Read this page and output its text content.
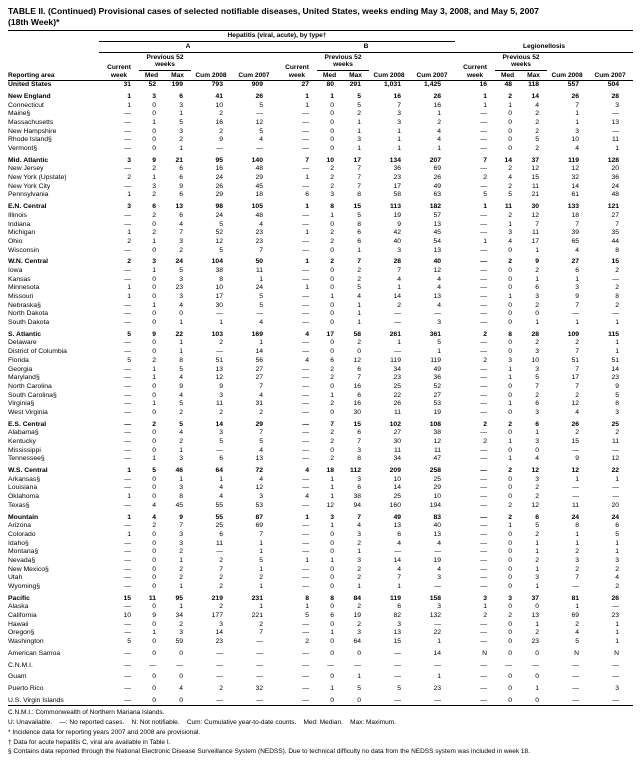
TABLE II. (Continued) Provisional cases of selected notifiable diseases, United States, weeks ending May 3, 2008, and May 5, 2007
(18th Week)*
Reporting area	Hepatitis (viral, acute), by type†														
	A					B					Legionellosis				
	Current week	Previous 52 weeks		Cum 2008	Cum 2007	Current week	Previous 52 weeks		Cum 2008	Cum 2007	Current week	Previous 52 weeks		Cum 2008	Cum 2007
		Med	Max				Med	Max				Med	Max		
United States	31	52	199	793	909	27	80	291	1,031	1,425	16	48	118	557	504
New England	1	3	6	41	26	1	1	5	16	28	1	2	14	26	28
Connecticut	1	0	3	10	5	1	0	5	7	16	1	1	4	7	3
Maine§	—	0	1	2	—	—	0	2	3	1	—	0	2	1	—
Massachusetts	—	1	5	16	12	—	0	1	3	2	—	0	2	1	13
New Hampshire	—	0	3	2	5	—	0	1	1	4	—	0	2	3	—
Rhode Island§	—	0	2	9	4	—	0	3	1	4	—	0	5	10	11
Vermont§	—	0	1	—	—	—	0	1	1	1	—	0	2	4	1
Mid. Atlantic	3	9	21	95	140	7	10	17	134	207	7	14	37	119	128
New Jersey	—	2	6	16	48	—	2	7	36	69	—	2	12	12	20
New York (Upstate)	2	1	6	24	29	1	2	7	23	26	2	4	15	32	36
New York City	—	3	9	26	45	—	2	7	17	49	—	2	11	14	24
Pennsylvania	1	2	6	29	18	6	3	8	58	63	5	5	21	61	48
E.N. Central	3	6	13	98	105	1	8	15	113	182	1	11	30	133	121
Illinois	—	2	6	24	48	—	1	5	19	57	—	2	12	18	27
Indiana	—	0	4	5	4	—	0	8	9	13	—	1	7	7	7
Michigan	1	2	7	52	23	1	2	6	42	45	—	3	11	39	35
Ohio	2	1	3	12	23	—	2	6	40	54	1	4	17	65	44
Wisconsin	—	0	2	5	7	—	0	1	3	13	—	0	1	4	8
W.N. Central	2	3	24	104	50	1	2	7	28	40	—	2	9	27	15
Iowa	—	1	5	38	11	—	0	2	7	12	—	0	2	6	2
Kansas	—	0	3	8	1	—	0	2	4	4	—	0	1	1	—
Minnesota	1	0	23	10	24	1	0	5	1	4	—	0	6	3	2
Missouri	1	0	3	17	5	—	1	4	14	13	—	1	3	9	8
Nebraska§	—	1	4	30	5	—	0	1	2	4	—	0	2	7	2
North Dakota	—	0	0	—	—	—	0	1	—	—	—	0	0	—	—
South Dakota	—	0	1	1	4	—	0	1	—	3	—	0	1	1	1
S. Atlantic	5	9	22	103	169	4	17	58	261	361	2	8	28	109	115
Delaware	—	0	1	2	1	—	0	2	1	5	—	0	2	2	1
District of Columbia	—	0	1	—	14	—	0	0	—	1	—	0	3	7	1
Florida	5	2	8	51	56	4	6	12	119	119	2	3	10	51	51
Georgia	—	1	5	13	27	—	2	6	34	49	—	1	3	7	14
Maryland§	—	1	4	12	27	—	2	7	23	36	—	1	5	17	23
North Carolina	—	0	9	9	7	—	0	16	25	52	—	0	7	7	9
South Carolina§	—	0	4	3	4	—	1	6	22	27	—	0	2	2	5
Virginia§	—	1	5	11	31	—	2	16	26	53	—	1	6	12	8
West Virginia	—	0	2	2	2	—	0	30	11	19	—	0	3	4	3
E.S. Central	—	2	5	14	29	—	7	15	102	108	2	2	6	26	25
Alabama§	—	0	4	3	7	—	2	6	27	38	—	0	1	2	2
Kentucky	—	0	2	5	5	—	2	7	30	12	2	1	3	15	11
Mississippi	—	0	1	—	4	—	0	3	11	11	—	0	0	—	—
Tennessee§	—	1	3	6	13	—	2	8	34	47	—	1	4	9	12
W.S. Central	1	5	46	64	72	4	18	112	209	258	—	2	12	12	22
Arkansas§	—	0	1	1	4	—	1	3	10	25	—	0	3	1	1
Louisiana	—	0	3	4	12	—	1	6	14	29	—	0	2	—	—
Oklahoma	1	0	8	4	3	4	1	38	25	10	—	0	2	—	—
Texas§	—	4	45	55	53	—	12	94	160	194	—	2	12	11	20
Mountain	1	4	9	55	87	1	3	7	49	83	—	2	6	24	24
Arizona	—	2	7	25	69	—	1	4	13	40	—	1	5	8	6
Colorado	1	0	3	6	7	—	0	3	6	13	—	0	2	1	5
Idaho§	—	0	3	11	1	—	0	2	4	4	—	0	1	1	1
Montana§	—	0	2	—	1	—	0	1	—	—	—	0	1	2	1
Nevada§	—	0	1	2	5	1	1	3	14	19	—	0	2	3	3
New Mexico§	—	0	2	7	1	—	0	2	4	4	—	0	1	2	2
Utah	—	0	2	2	2	—	0	2	7	3	—	0	3	7	4
Wyoming§	—	0	1	2	1	—	0	1	1	—	—	0	1	—	2
Pacific	15	11	95	219	231	8	8	84	119	158	3	3	37	81	26
Alaska	—	0	1	2	1	1	0	2	6	3	1	0	0	1	—
California	10	9	34	177	221	5	6	19	82	132	2	2	13	69	23
Hawaii	—	0	2	3	2	—	0	2	3	—	—	0	1	2	1
Oregon§	—	1	3	14	7	—	1	3	13	22	—	0	2	4	1
Washington	5	0	59	23	—	2	0	64	15	1	—	0	23	5	1
American Samoa	—	0	0	—	—	—	0	0	—	14	N	0	0	N	N
C.N.M.I.	—	—	—	—	—	—	—	—	—	—	—	—	—	—	—
Guam	—	0	0	—	—	—	0	1	—	1	—	0	0	—	—
Puerto Rico	—	0	4	2	32	—	1	5	5	23	—	0	1	—	3
U.S. Virgin Islands	—	0	0	—	—	—	0	0	—	—	—	0	0	—	—
C.N.M.I.: Commonwealth of Northern Mariana Islands.
U: Unavailable.    —: No reported cases.    N: Not notifiable.    Cum: Cumulative year-to-date counts.    Med: Median.    Max: Maximum.
* Incidence data for reporting years 2007 and 2008 are provisional.
† Data for acute hepatitis C, viral are available in Table I.
§ Contains data reported through the National Electronic Disease Surveillance System (NEDSS). Due to technical difficulty no data from the NEDSS system was included in week 18.
